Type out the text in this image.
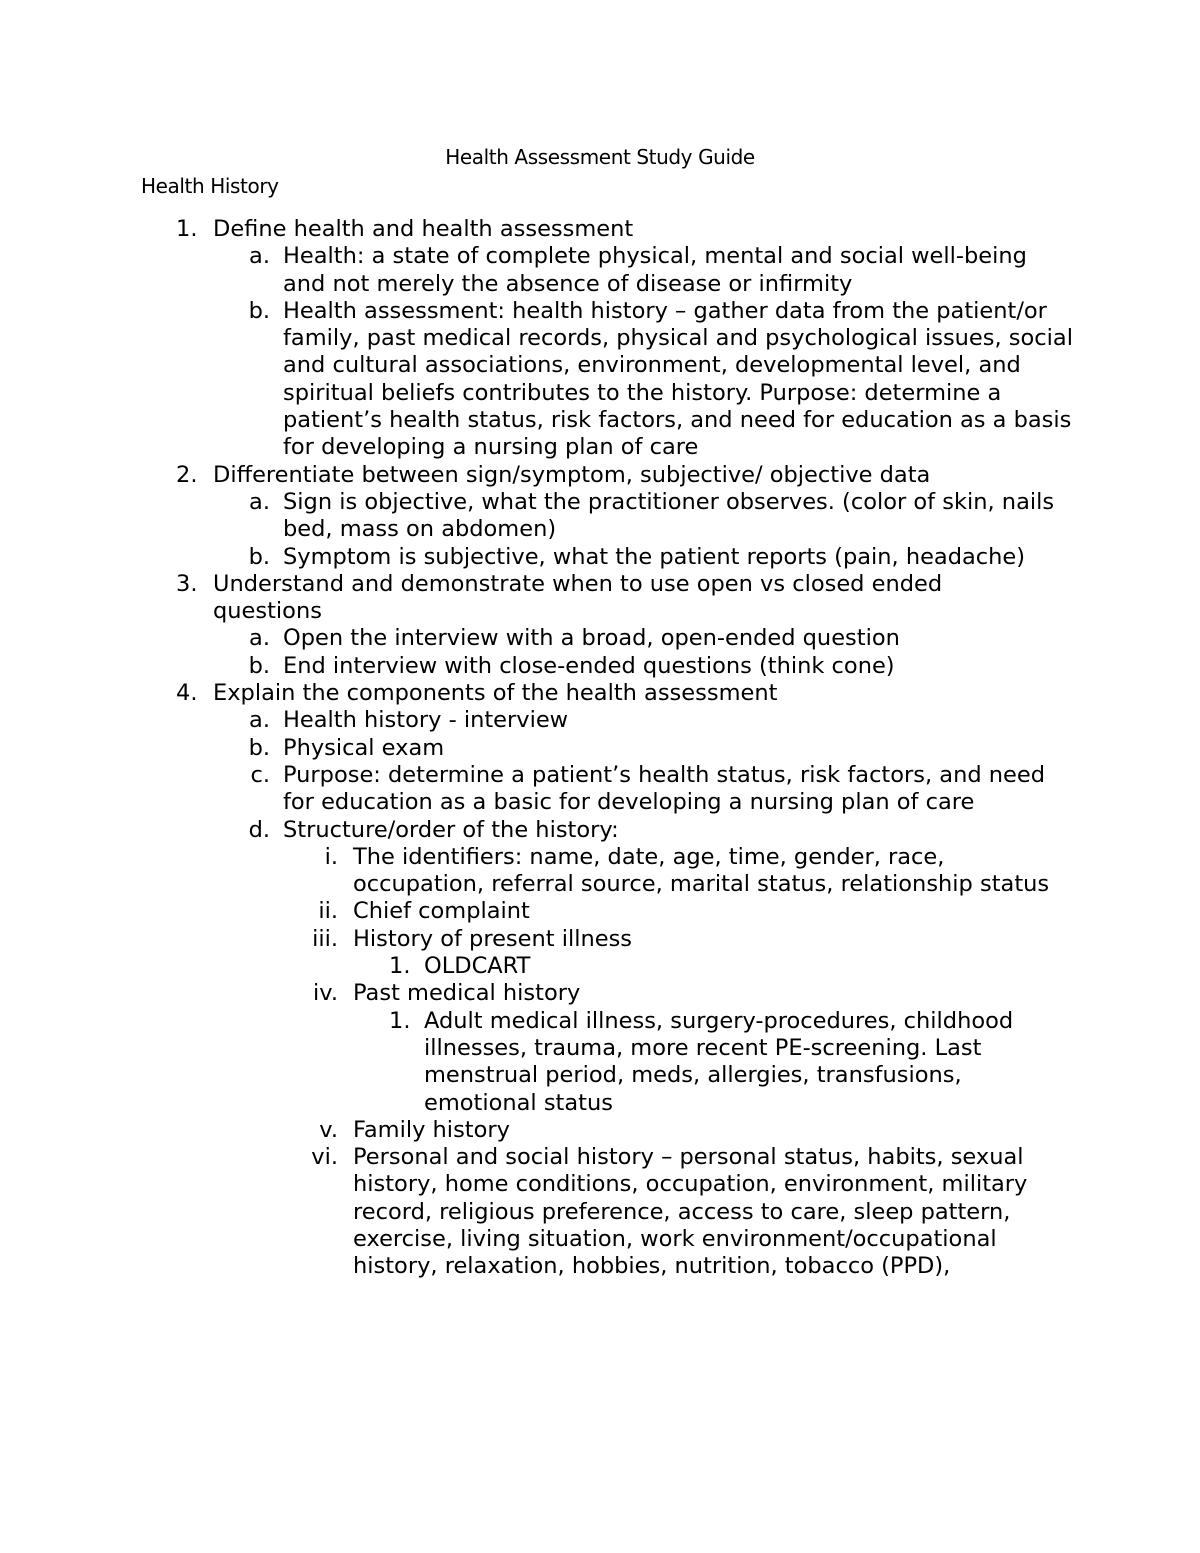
Health Assessment Study Guide
Health History
1. Define health and health assessment
a. Health: a state of complete physical, mental and social well-being and not merely the absence of disease or infirmity
b. Health assessment: health history – gather data from the patient/or family, past medical records, physical and psychological issues, social and cultural associations, environment, developmental level, and spiritual beliefs contributes to the history. Purpose: determine a patient’s health status, risk factors, and need for education as a basis for developing a nursing plan of care
2. Differentiate between sign/symptom, subjective/ objective data
a. Sign is objective, what the practitioner observes. (color of skin, nails bed, mass on abdomen)
b. Symptom is subjective, what the patient reports (pain, headache)
3. Understand and demonstrate when to use open vs closed ended questions
a. Open the interview with a broad, open-ended question
b. End interview with close-ended questions (think cone)
4. Explain the components of the health assessment
a. Health history - interview
b. Physical exam
c. Purpose: determine a patient’s health status, risk factors, and need for education as a basic for developing a nursing plan of care
d. Structure/order of the history:
i. The identifiers: name, date, age, time, gender, race, occupation, referral source, marital status, relationship status
ii. Chief complaint
iii. History of present illness
1. OLDCART
iv. Past medical history
1. Adult medical illness, surgery-procedures, childhood illnesses, trauma, more recent PE-screening. Last menstrual period, meds, allergies, transfusions, emotional status
v. Family history
vi. Personal and social history – personal status, habits, sexual history, home conditions, occupation, environment, military record, religious preference, access to care, sleep pattern, exercise, living situation, work environment/occupational history, relaxation, hobbies, nutrition, tobacco (PPD),
